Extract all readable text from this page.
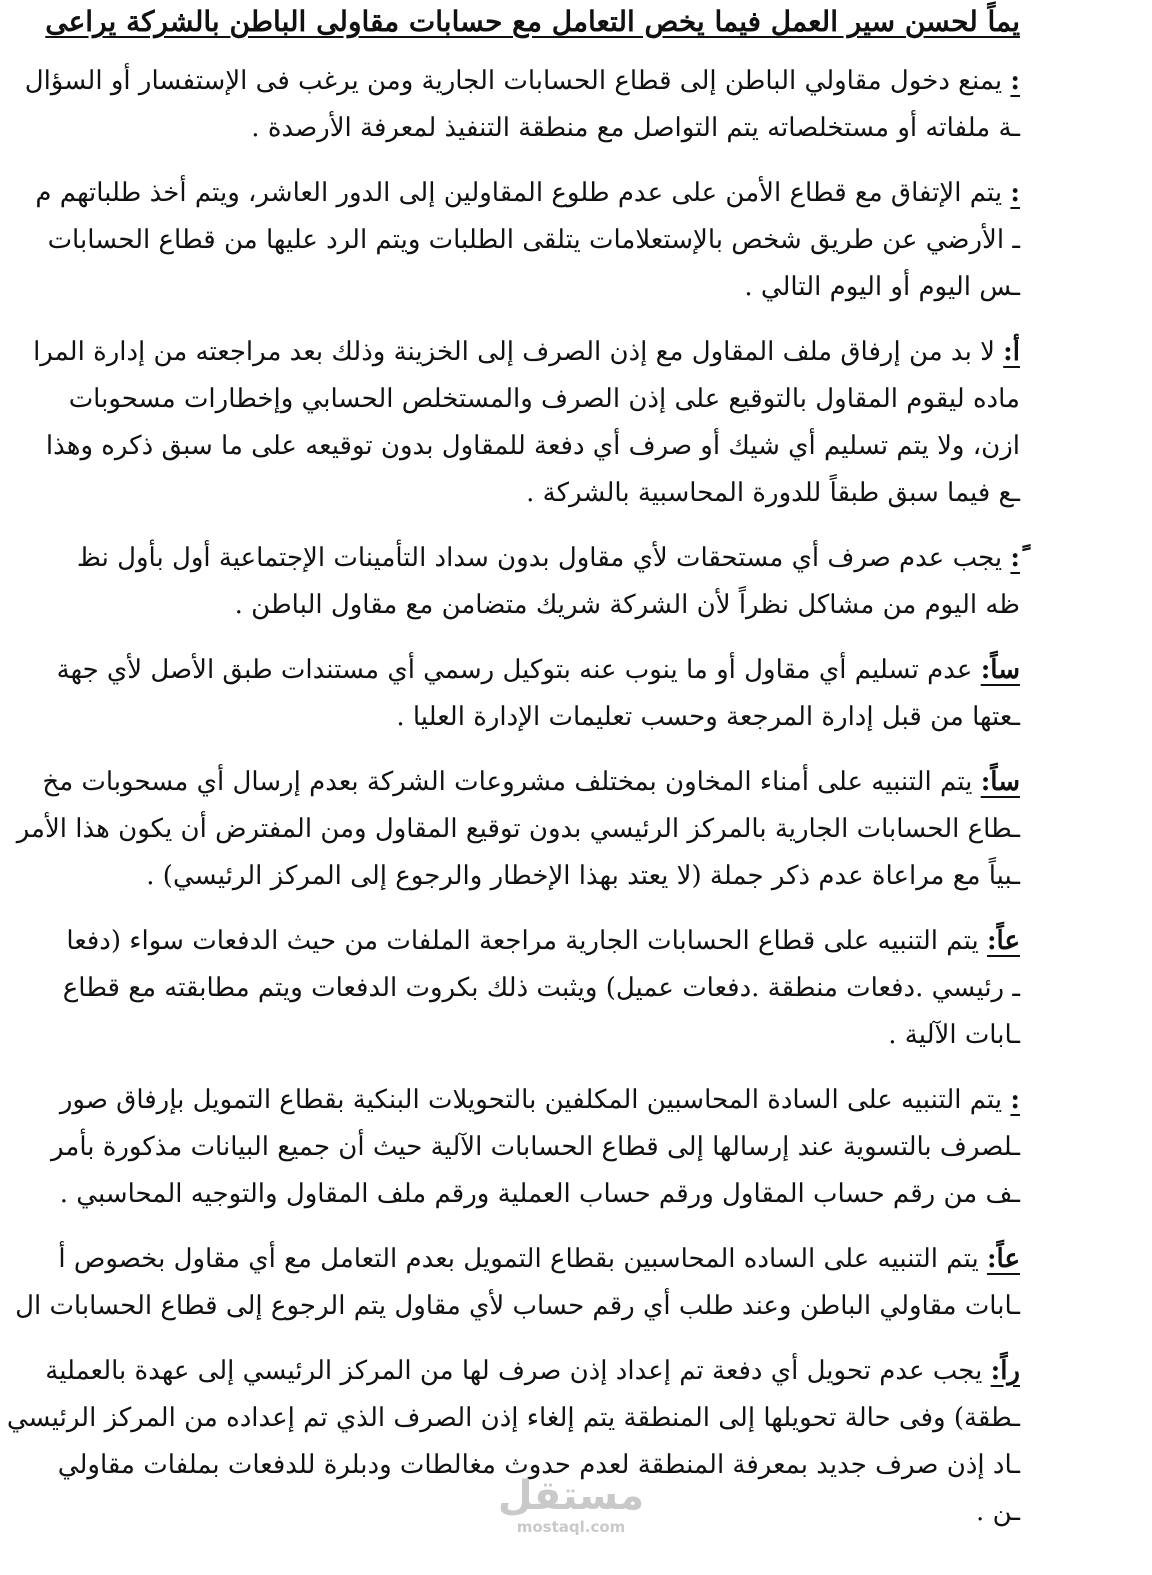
يماً لحسن سير العمل فيما يخص التعامل مع حسابات مقاولى الباطن بالشركة يراعى
: يمنع دخول مقاولي الباطن إلى قطاع الحسابات الجارية ومن يرغب فى الإستفسار أو السؤال
ـة ملفاته أو مستخلصاته يتم التواصل مع منطقة التنفيذ لمعرفة الأرصدة .
: يتم الإتفاق مع قطاع الأمن على عدم طلوع المقاولين إلى الدور العاشر، ويتم أخذ طلباتهم م
ـ الأرضي عن طريق شخص بالإستعلامات يتلقى الطلبات ويتم الرد عليها من قطاع الحسابات
ـس اليوم أو اليوم التالي .
أ: لا بد من إرفاق ملف المقاول مع إذن الصرف إلى الخزينة وذلك بعد مراجعته من إدارة المرا
ماده ليقوم المقاول بالتوقيع على إذن الصرف والمستخلص الحسابي وإخطارات مسحوبات
ازن، ولا يتم تسليم أي شيك أو صرف أي دفعة للمقاول بدون توقيعه على ما سبق ذكره وهذا
ـع فيما سبق طبقاً للدورة المحاسبية بالشركة .
ً: يجب عدم صرف أي مستحقات لأي مقاول بدون سداد التأمينات الإجتماعية أول بأول نظ
ظه اليوم من مشاكل نظراً لأن الشركة شريك متضامن مع مقاول الباطن .
ساً: عدم تسليم أي مقاول أو ما ينوب عنه بتوكيل رسمي أي مستندات طبق الأصل لأي جهة
ـعتها من قبل إدارة المرجعة وحسب تعليمات الإدارة العليا .
ساً: يتم التنبيه على أمناء المخاون بمختلف مشروعات الشركة بعدم إرسال أي مسحوبات مخ
ـطاع الحسابات الجارية بالمركز الرئيسي بدون توقيع المقاول ومن المفترض أن يكون هذا الأمر
ـبياً مع مراعاة عدم ذكر جملة (لا يعتد بهذا الإخطار والرجوع إلى المركز الرئيسي) .
عاً: يتم التنبيه على قطاع الحسابات الجارية مراجعة الملفات من حيث الدفعات سواء (دفعا
ـ رئيسي .دفعات منطقة .دفعات عميل) ويثبت ذلك بكروت الدفعات ويتم مطابقته مع قطاع
ـابات الآلية .
: يتم التنبيه على السادة المحاسبين المكلفين بالتحويلات البنكية بقطاع التمويل بإرفاق صور
ـلصرف بالتسوية عند إرسالها إلى قطاع الحسابات الآلية حيث أن جميع البيانات مذكورة بأمر
ـف من رقم حساب المقاول ورقم حساب العملية ورقم ملف المقاول والتوجيه المحاسبي .
عاً: يتم التنبيه على الساده المحاسبين بقطاع التمويل بعدم التعامل مع أي مقاول بخصوص أ
ـابات مقاولي الباطن وعند طلب أي رقم حساب لأي مقاول يتم الرجوع إلى قطاع الحسابات ال
راً: يجب عدم تحويل أي دفعة تم إعداد إذن صرف لها من المركز الرئيسي إلى عهدة بالعملية
ـطقة) وفى حالة تحويلها إلى المنطقة يتم إلغاء إذن الصرف الذي تم إعداده من المركز الرئيسي
ـاد إذن صرف جديد بمعرفة المنطقة لعدم حدوث مغالطات ودبلرة للدفعات بملفات مقاولي
ـن .
مستقل
mostaql.com
